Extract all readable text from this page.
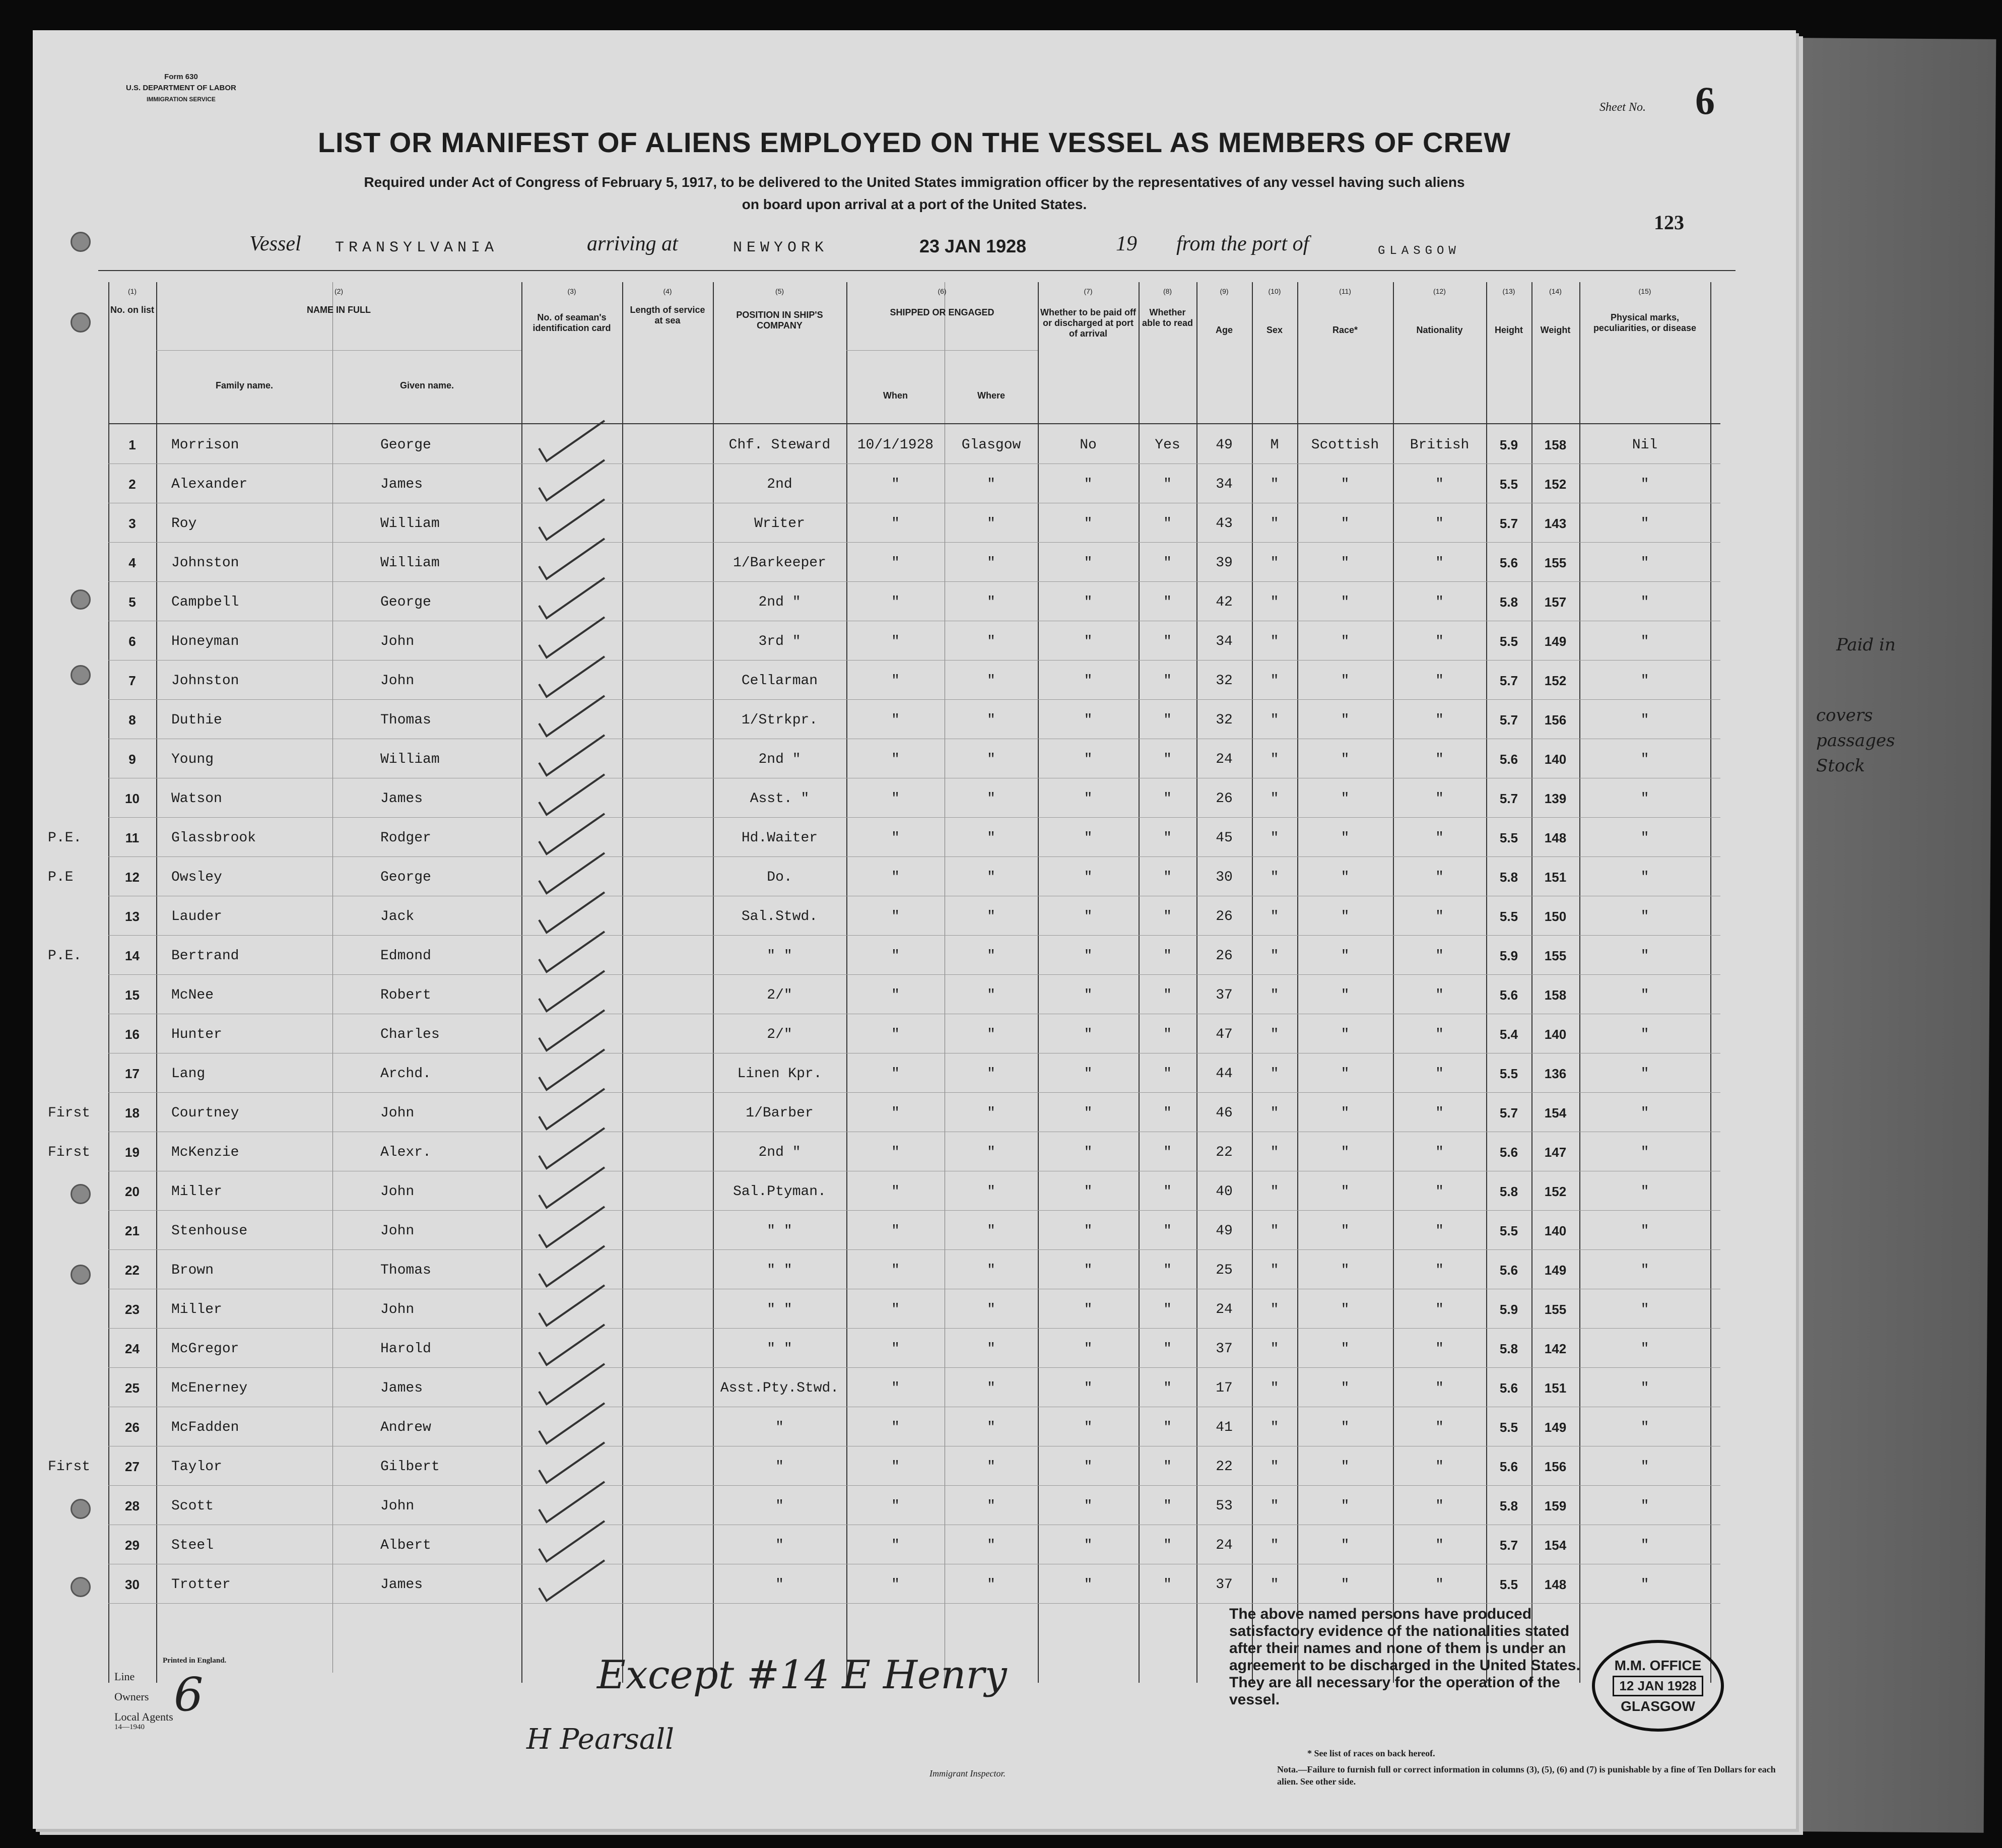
Form 630
U.S. DEPARTMENT OF LABOR
IMMIGRATION SERVICE
Sheet No. 6
LIST OR MANIFEST OF ALIENS EMPLOYED ON THE VESSEL AS MEMBERS OF CREW
Required under Act of Congress of February 5, 1917, to be delivered to the United States immigration officer by the representatives of any vessel having such aliens
on board upon arrival at a port of the United States.
123
Vessel TRANSYLVANIA	arriving at	NEWYORK	23 JAN 1928	19 from the port of	GLASGOW
(1)	(2)	(3)	(4)	(5)	(6)	(7)	(8)	(9)	(10)	(11)	(12)	(13)	(14)	(15)
No. on list	NAME IN FULL
Family name.	Given name.
No. of seaman's identification card
Length of service at sea
POSITION IN SHIP'S COMPANY
SHIPPED OR ENGAGED
When	Where
Whether to be paid off or discharged at port of arrival
Whether able to read
Age	Sex	Race*	Nationality	Height	Weight
Physical marks, peculiarities, or disease
1	Morrison	George	Chf. Steward	10/1/1928	Glasgow	No	Yes	49	M	Scottish	British	5.9	158	Nil
2	Alexander	James	2nd	"	"	"	"	34	"	"	"	5.5	152	"
3	Roy	William	Writer	"	"	"	"	43	"	"	"	5.7	143	"
4	Johnston	William	1/Barkeeper	"	"	"	"	39	"	"	"	5.6	155	"
5	Campbell	George	2nd "	"	"	"	"	42	"	"	"	5.8	157	"
6	Honeyman	John	3rd "	"	"	"	"	34	"	"	"	5.5	149	"
7	Johnston	John	Cellarman	"	"	"	"	32	"	"	"	5.7	152	"
8	Duthie	Thomas	1/Strkpr.	"	"	"	"	32	"	"	"	5.7	156	"
9	Young	William	2nd "	"	"	"	"	24	"	"	"	5.6	140	"
10	Watson	James	Asst. "	"	"	"	"	26	"	"	"	5.7	139	"
P.E.	11	Glassbrook	Rodger	Hd.Waiter	"	"	"	"	45	"	"	"	5.5	148	"
P.E	12	Owsley	George	Do.	"	"	"	"	30	"	"	"	5.8	151	"
13	Lauder	Jack	Sal.Stwd.	"	"	"	"	26	"	"	"	5.5	150	"
P.E.	14	Bertrand	Edmond	" "	"	"	"	"	26	"	"	"	5.9	155	"
15	McNee	Robert	2/"	"	"	"	"	37	"	"	"	5.6	158	"
16	Hunter	Charles	2/"	"	"	"	"	47	"	"	"	5.4	140	"
17	Lang	Archd.	Linen Kpr.	"	"	"	"	44	"	"	"	5.5	136	"
First	18	Courtney	John	1/Barber	"	"	"	"	46	"	"	"	5.7	154	"
First	19	McKenzie	Alexr.	2nd "	"	"	"	"	22	"	"	"	5.6	147	"
20	Miller	John	Sal.Ptyman.	"	"	"	"	40	"	"	"	5.8	152	"
21	Stenhouse	John	" "	"	"	"	"	49	"	"	"	5.5	140	"
22	Brown	Thomas	" "	"	"	"	"	25	"	"	"	5.6	149	"
23	Miller	John	" "	"	"	"	"	24	"	"	"	5.9	155	"
24	McGregor	Harold	" "	"	"	"	"	37	"	"	"	5.8	142	"
25	McEnerney	James	Asst.Pty.Stwd.	"	"	"	"	17	"	"	"	5.6	151	"
26	McFadden	Andrew	"	"	"	"	"	41	"	"	"	5.5	149	"
First	27	Taylor	Gilbert	"	"	"	"	"	22	"	"	"	5.6	156	"
28	Scott	John	"	"	"	"	"	53	"	"	"	5.8	159	"
29	Steel	Albert	"	"	"	"	"	24	"	"	"	5.7	154	"
30	Trotter	James	"	"	"	"	"	37	"	"	"	5.5	148	"
The above named persons have produced satisfactory evidence of the nationalities stated after their names and none of them is under an agreement to be discharged in the United States. They are all necessary for the operation of the vessel.
M.M. OFFICE
12 JAN 1928
GLASGOW
Printed in England.
Line
Owners
Local Agents
14—1940
Immigrant Inspector.
* See list of races on back hereof.
Nota.—Failure to furnish full or correct information in columns (3), (5), (6) and (7) is punishable by a fine of Ten Dollars for each alien. See other side.
Except #14 E Henry
H Pearsall
6
Paid in
covers
passages
Stock
